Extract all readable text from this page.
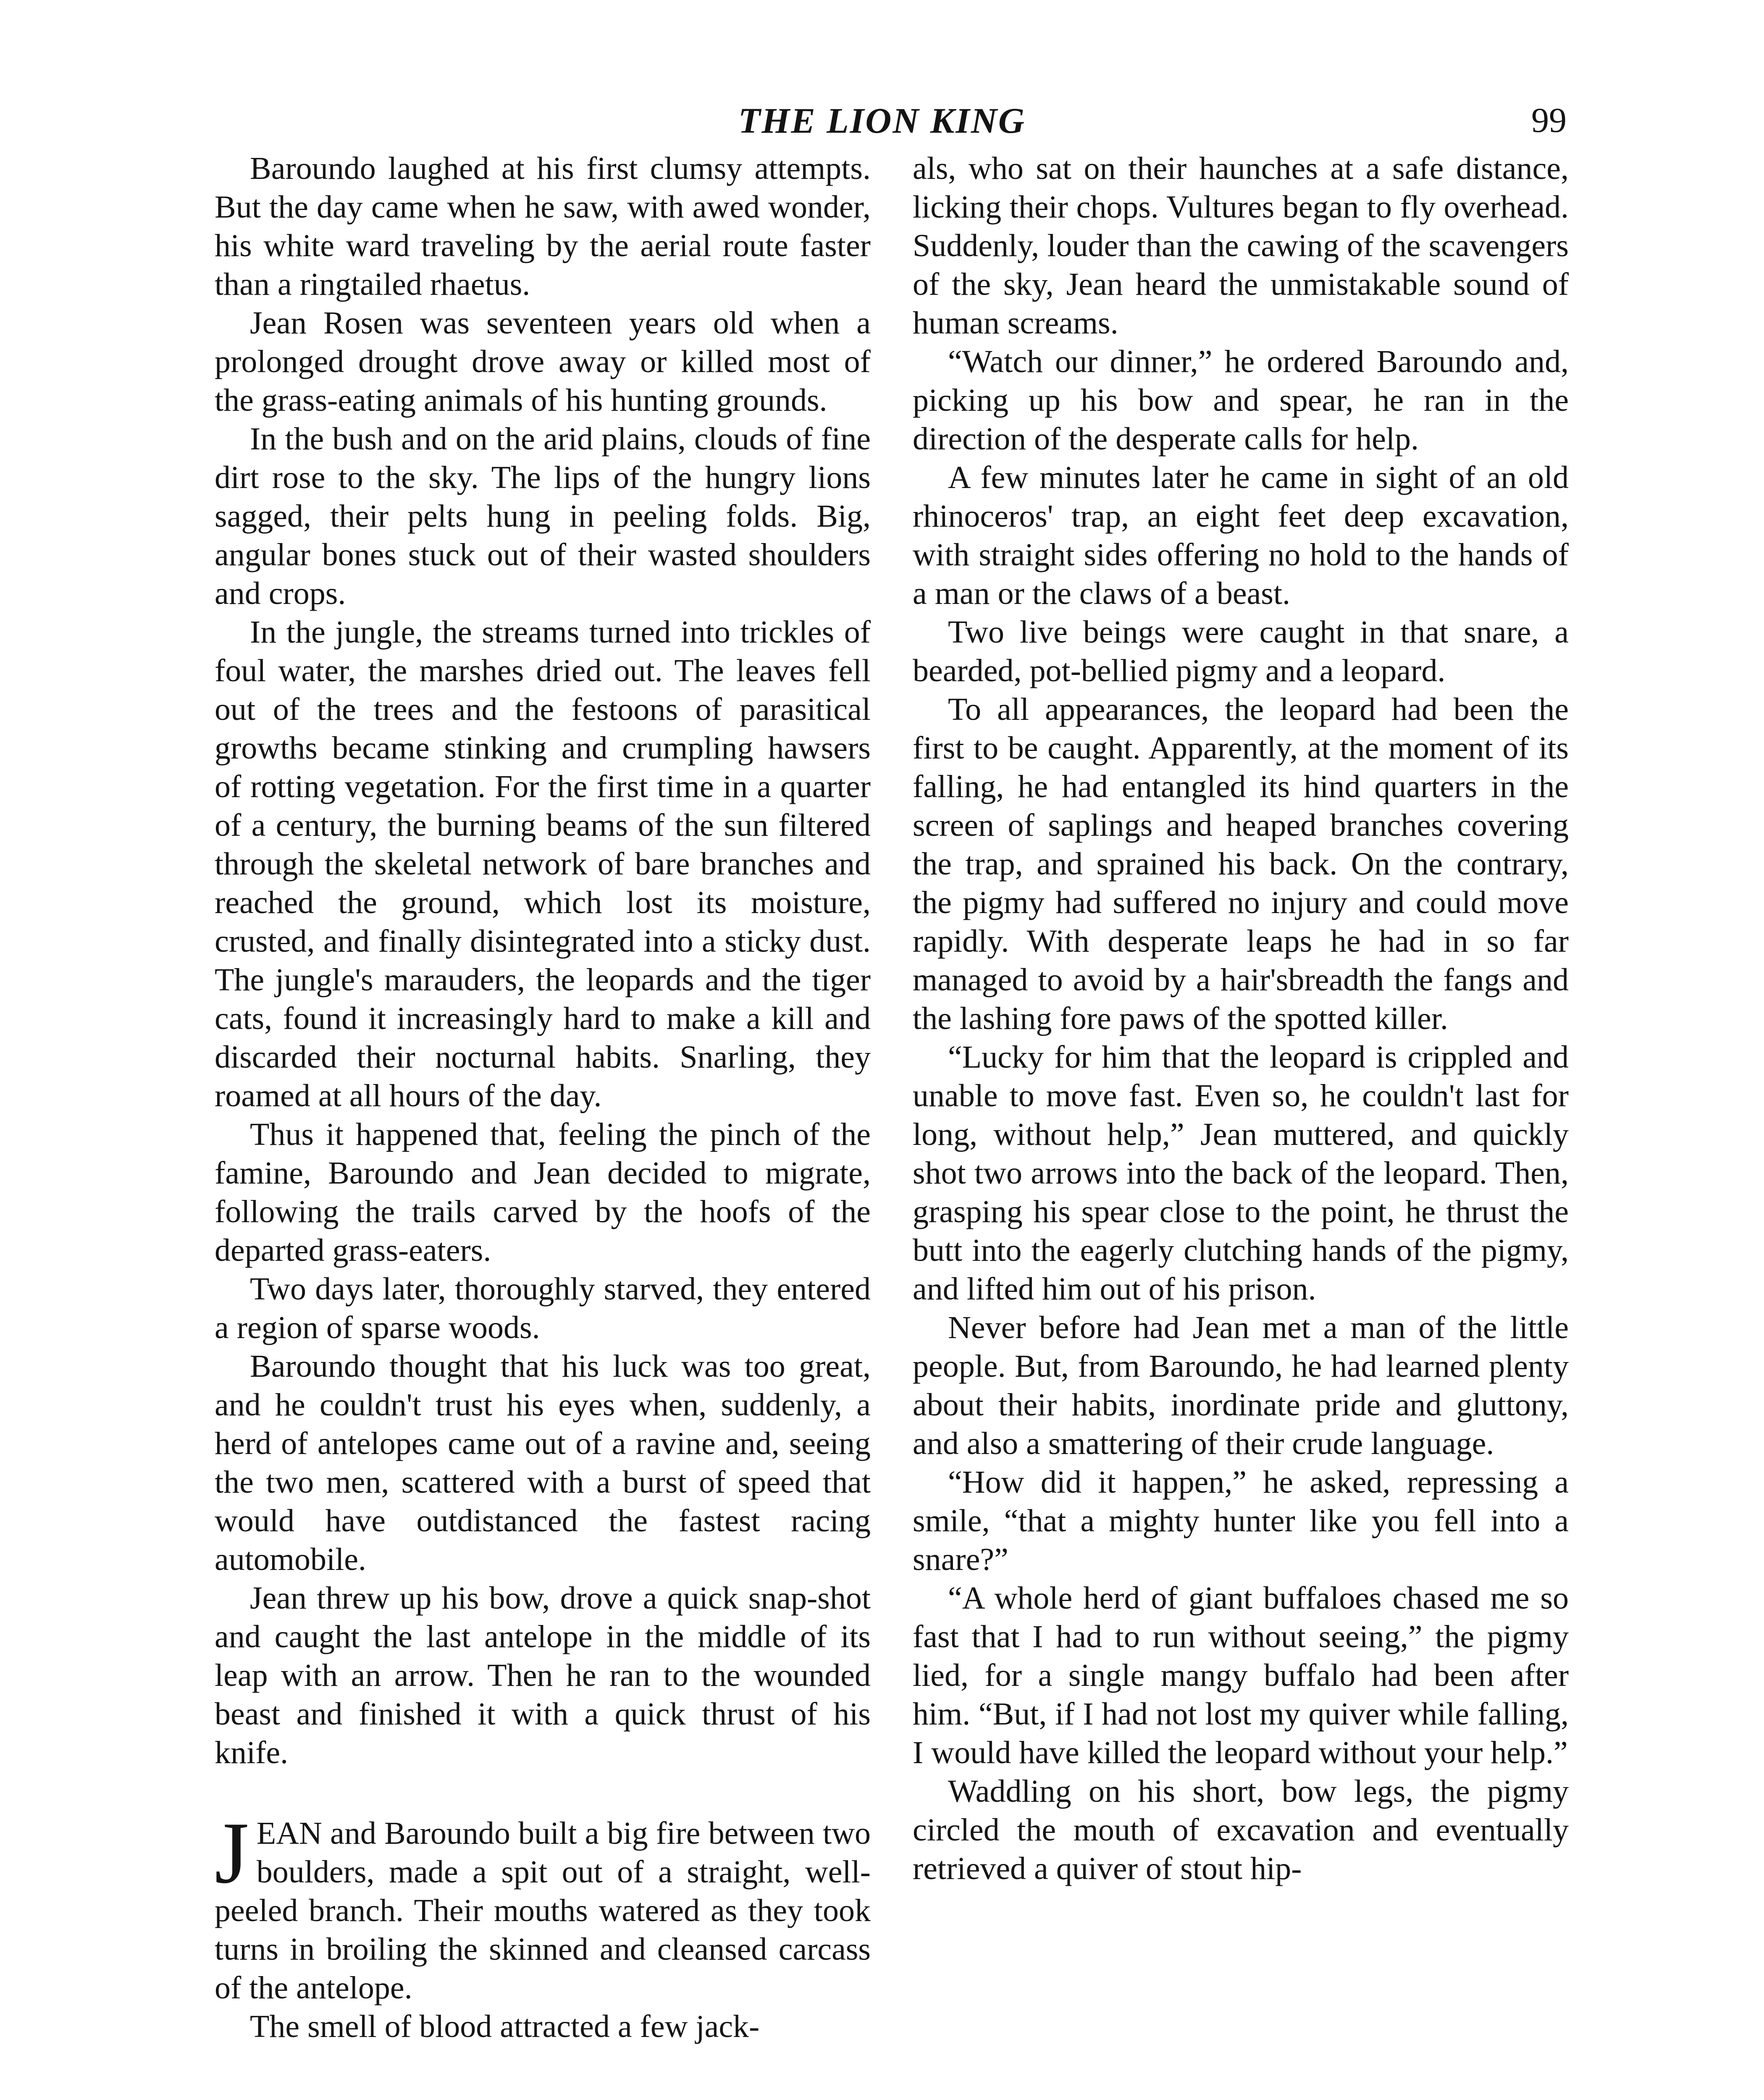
THE LION KING	99

Baroundo laughed at his first clumsy attempts. But the day came when he saw, with awed wonder, his white ward traveling by the aerial route faster than a ringtailed rhaetus.

Jean Rosen was seventeen years old when a prolonged drought drove away or killed most of the grass-eating animals of his hunting grounds.

In the bush and on the arid plains, clouds of fine dirt rose to the sky. The lips of the hungry lions sagged, their pelts hung in peeling folds. Big, angular bones stuck out of their wasted shoulders and crops.

In the jungle, the streams turned into trickles of foul water, the marshes dried out. The leaves fell out of the trees and the festoons of parasitical growths became stinking and crumpling hawsers of rotting vegetation. For the first time in a quarter of a century, the burning beams of the sun filtered through the skeletal network of bare branches and reached the ground, which lost its moisture, crusted, and finally disintegrated into a sticky dust. The jungle's marauders, the leopards and the tiger cats, found it increasingly hard to make a kill and discarded their nocturnal habits. Snarling, they roamed at all hours of the day.

Thus it happened that, feeling the pinch of the famine, Baroundo and Jean decided to migrate, following the trails carved by the hoofs of the departed grass-eaters.

Two days later, thoroughly starved, they entered a region of sparse woods.

Baroundo thought that his luck was too great, and he couldn't trust his eyes when, suddenly, a herd of antelopes came out of a ravine and, seeing the two men, scattered with a burst of speed that would have outdistanced the fastest racing automobile.

Jean threw up his bow, drove a quick snap-shot and caught the last antelope in the middle of its leap with an arrow. Then he ran to the wounded beast and finished it with a quick thrust of his knife.

JEAN and Baroundo built a big fire between two boulders, made a spit out of a straight, well-peeled branch. Their mouths watered as they took turns in broiling the skinned and cleansed carcass of the antelope.

The smell of blood attracted a few jack-

als, who sat on their haunches at a safe distance, licking their chops. Vultures began to fly overhead. Suddenly, louder than the cawing of the scavengers of the sky, Jean heard the unmistakable sound of human screams.

“Watch our dinner,” he ordered Baroundo and, picking up his bow and spear, he ran in the direction of the desperate calls for help.

A few minutes later he came in sight of an old rhinoceros' trap, an eight feet deep excavation, with straight sides offering no hold to the hands of a man or the claws of a beast.

Two live beings were caught in that snare, a bearded, pot-bellied pigmy and a leopard.

To all appearances, the leopard had been the first to be caught. Apparently, at the moment of its falling, he had entangled its hind quarters in the screen of saplings and heaped branches covering the trap, and sprained his back. On the contrary, the pigmy had suffered no injury and could move rapidly. With desperate leaps he had in so far managed to avoid by a hair'sbreadth the fangs and the lashing fore paws of the spotted killer.

“Lucky for him that the leopard is crippled and unable to move fast. Even so, he couldn't last for long, without help,” Jean muttered, and quickly shot two arrows into the back of the leopard. Then, grasping his spear close to the point, he thrust the butt into the eagerly clutching hands of the pigmy, and lifted him out of his prison.

Never before had Jean met a man of the little people. But, from Baroundo, he had learned plenty about their habits, inordinate pride and gluttony, and also a smattering of their crude language.

“How did it happen,” he asked, repressing a smile, “that a mighty hunter like you fell into a snare?”

“A whole herd of giant buffaloes chased me so fast that I had to run without seeing,” the pigmy lied, for a single mangy buffalo had been after him. “But, if I had not lost my quiver while falling, I would have killed the leopard without your help.”

Waddling on his short, bow legs, the pigmy circled the mouth of excavation and eventually retrieved a quiver of stout hip-
